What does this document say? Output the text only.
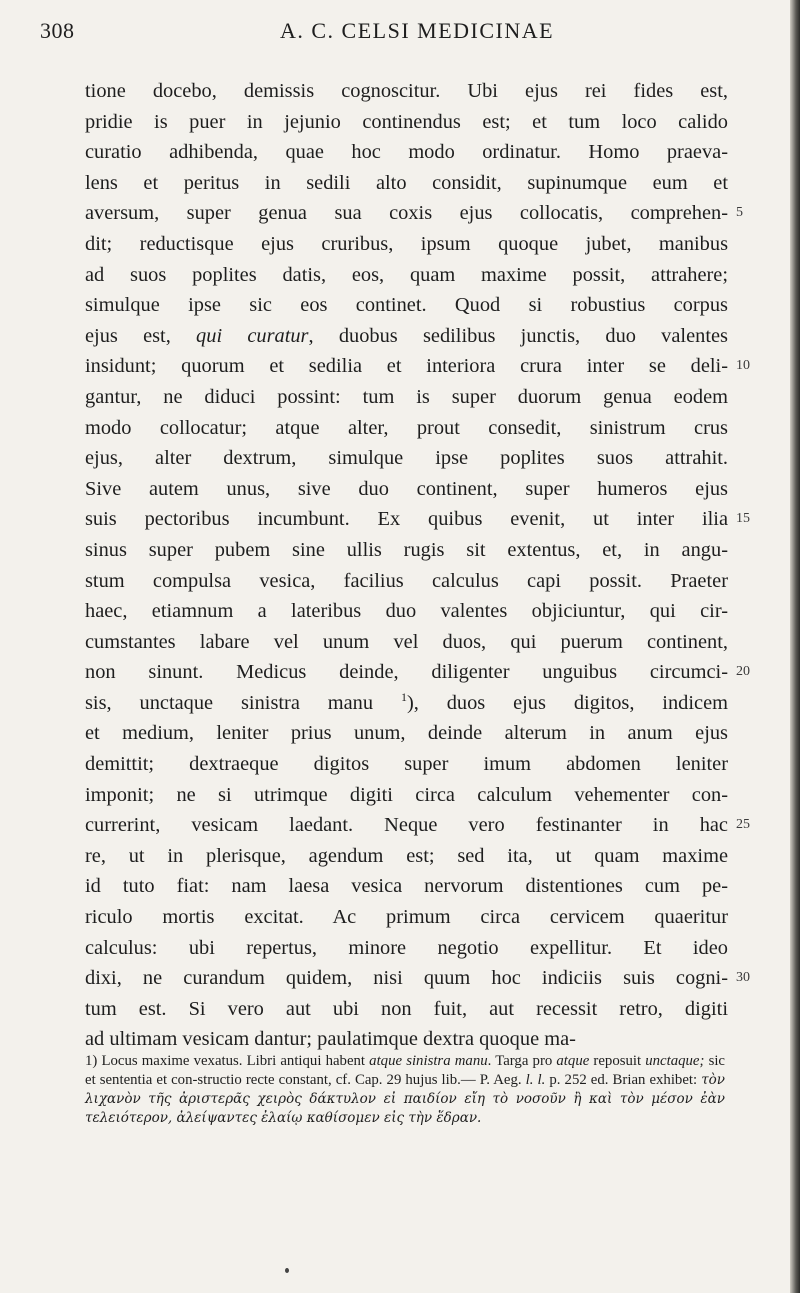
308	A. C. CELSI MEDICINAE
tione docebo, demissis cognoscitur. Ubi ejus rei fides est,
pridie is puer in jejunio continendus est; et tum loco calido
curatio adhibenda, quae hoc modo ordinatur. Homo praeva-
lens et peritus in sedili alto considit, supinumque eum et
aversum, super genua sua coxis ejus collocatis, comprehen-
dit; reductisque ejus cruribus, ipsum quoque jubet, manibus
ad suos poplites datis, eos, quam maxime possit, attrahere;
simulque ipse sic eos continet. Quod si robustius corpus
ejus est, qui curatur, duobus sedilibus junctis, duo valentes
insidunt; quorum et sedilia et interiora crura inter se deli-
gantur, ne diduci possint: tum is super duorum genua eodem
modo collocatur; atque alter, prout consedit, sinistrum crus
ejus, alter dextrum, simulque ipse poplites suos attrahit.
Sive autem unus, sive duo continent, super humeros ejus
suis pectoribus incumbunt. Ex quibus evenit, ut inter ilia
sinus super pubem sine ullis rugis sit extentus, et, in angu-
stum compulsa vesica, facilius calculus capi possit. Praeter
haec, etiamnum a lateribus duo valentes objiciuntur, qui cir-
cumstantes labare vel unum vel duos, qui puerum continent,
non sinunt. Medicus deinde, diligenter unguibus circumci-
sis, unctaque sinistra manu $^1$), duos ejus digitos, indicem
et medium, leniter prius unum, deinde alterum in anum ejus
demittit; dextraeque digitos super imum abdomen leniter
imponit; ne si utrimque digiti circa calculum vehementer con-
currerint, vesicam laedant. Neque vero festinanter in hac
re, ut in plerisque, agendum est; sed ita, ut quam maxime
id tuto fiat: nam laesa vesica nervorum distentiones cum pe-
riculo mortis excitat. Ac primum circa cervicem quaeritur
calculus: ubi repertus, minore negotio expellitur. Et ideo
dixi, ne curandum quidem, nisi quum hoc indiciis suis cogni-
tum est. Si vero aut ubi non fuit, aut recessit retro, digiti
ad ultimam vesicam dantur; paulatimque dextra quoque ma-
5
10
15
20
25
30
1) Locus maxime vexatus. Libri antiqui habent atque sinistra manu. Targa pro atque reposuit unctaque; sic et sententia et con-structio recte constant, cf. Cap. 29 hujus lib.— P. Aeg. l. l. p. 252 ed. Brian exhibet: τὸν λιχανὸν τῆς ἀριστερᾶς χειρὸς δάκτυλον εἰ παιδίον εἴη τὸ νοσοῦν ἢ καὶ τὸν μέσον ἐὰν τελειότερον, ἀλείψαντες ἐλαίῳ καθίσομεν εἰς τὴν ἕδραν.
